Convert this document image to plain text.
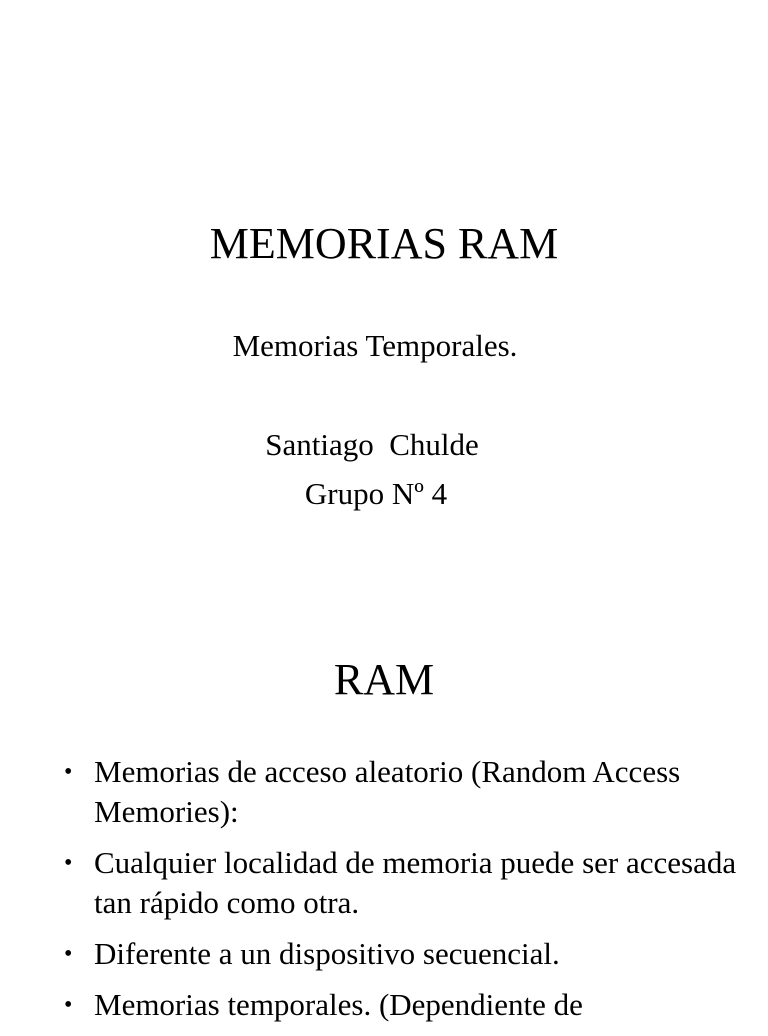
MEMORIAS RAM
Memorias Temporales.
Santiago  Chulde
Grupo Nº 4
RAM
• Memorias de acceso aleatorio (Random Access Memories):
• Cualquier localidad de memoria puede ser accesada tan rápido como otra.
• Diferente a un dispositivo secuencial.
• Memorias temporales. (Dependiente de
